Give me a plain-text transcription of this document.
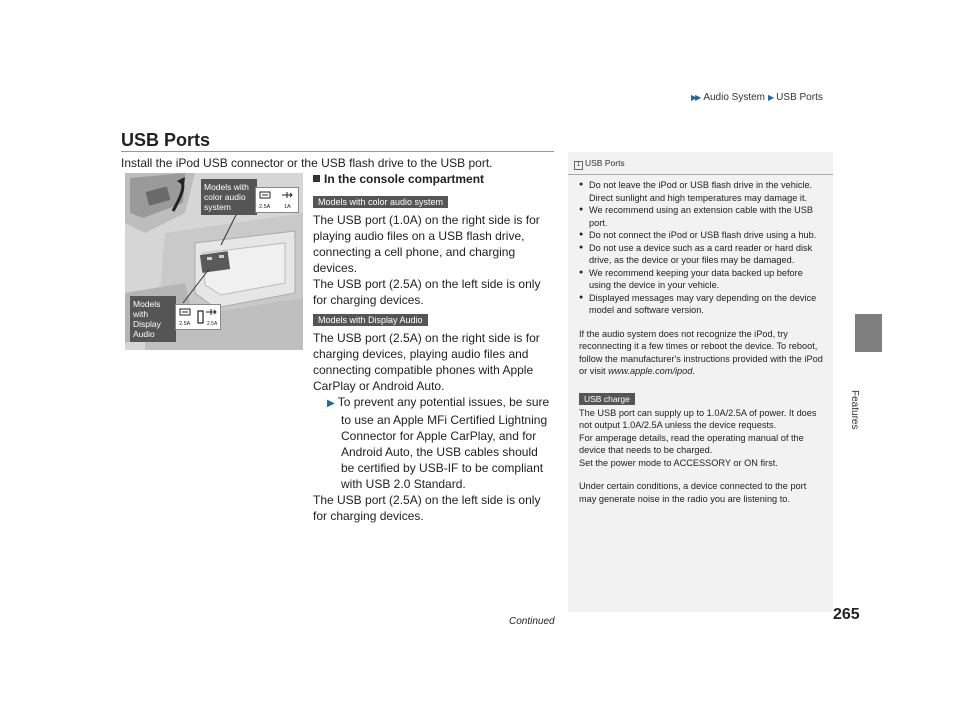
▶▶ Audio System ▶ USB Ports
Features
USB Ports
Install the iPod USB connector or the USB flash drive to the USB port.
Models with color audio system	2.5A 1A
Models with Display Audio
2.5A	2.5A
In the console compartment
Models with color audio system

The USB port (1.0A) on the right side is for playing audio files on a USB flash drive, connecting a cell phone, and charging devices.

The USB port (2.5A) on the left side is only for charging devices.

Models with Display Audio

The USB port (2.5A) on the right side is for charging devices, playing audio files and connecting compatible phones with Apple CarPlay or Android Auto.

▶ To prevent any potential issues, be sure to use an Apple MFi Certified Lightning Connector for Apple CarPlay, and for Android Auto, the USB cables should be certified by USB-IF to be compliant with USB 2.0 Standard.

The USB port (2.5A) on the left side is only for charging devices.

1 USB Ports
● Do not leave the iPod or USB flash drive in the vehicle. Direct sunlight and high temperatures may damage it.
● We recommend using an extension cable with the USB port.
● Do not connect the iPod or USB flash drive using a hub.
● Do not use a device such as a card reader or hard disk drive, as the device or your files may be damaged.
● We recommend keeping your data backed up before using the device in your vehicle.
● Displayed messages may vary depending on the device model and software version.

If the audio system does not recognize the iPod, try reconnecting it a few times or reboot the device. To reboot, follow the manufacturer's instructions provided with the iPod or visit www.apple.com/ipod.

USB charge

The USB port can supply up to 1.0A/2.5A of power. It does not output 1.0A/2.5A unless the device requests.

For amperage details, read the operating manual of the device that needs to be charged.

Set the power mode to ACCESSORY or ON first.

Under certain conditions, a device connected to the port may generate noise in the radio you are listening to.

Continued	265
